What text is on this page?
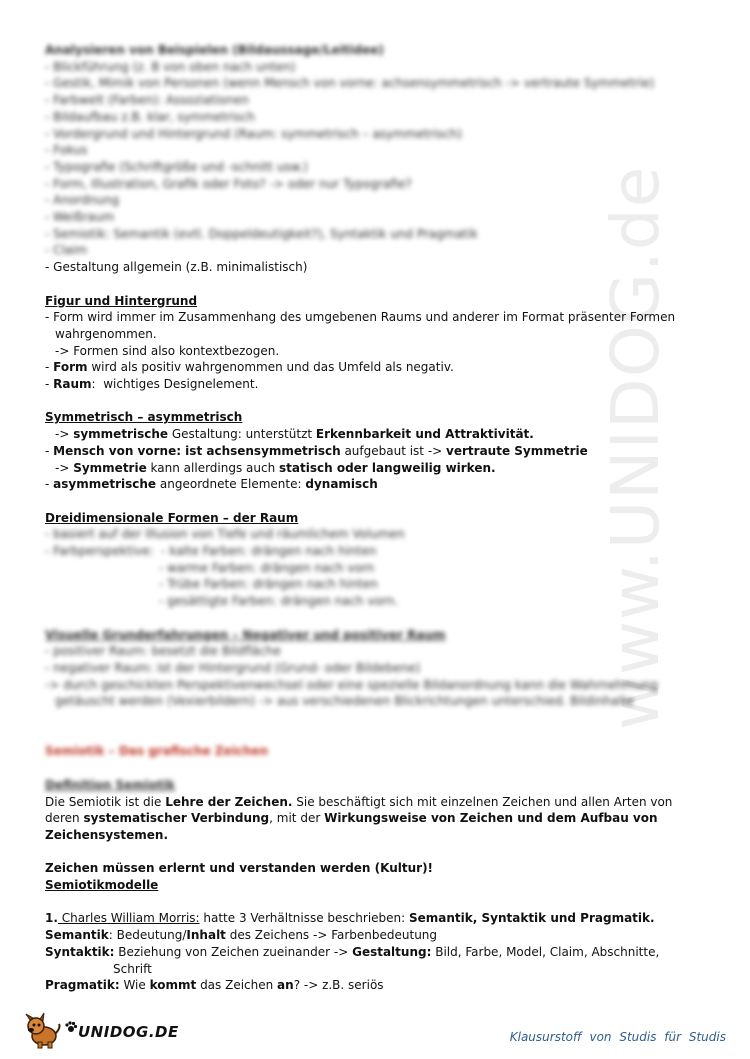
www.UNIDOG.de
Analysieren von Beispielen (Bildaussage/Leitidee)
- Blickführung (z. B von oben nach unten)
- Gestik, Mimik von Personen (wenn Mensch von vorne: achsensymmetrisch -> vertraute Symmetrie)
- Farbwelt (Farben): Assoziationen
- Bildaufbau z.B. klar, symmetrisch
- Vordergrund und Hintergrund (Raum: symmetrisch – asymmetrisch)
- Fokus
- Typografie (Schriftgröße und -schnitt usw.)
- Form, Illustration, Grafik oder Foto? -> oder nur Typografie?
- Anordnung
- Weißraum
- Semiotik: Semantik (evtl. Doppeldeutigkeit?), Syntaktik und Pragmatik
- Claim
- Gestaltung allgemein (z.B. minimalistisch)
Figur und Hintergrund
- Form wird immer im Zusammenhang des umgebenen Raums und anderer im Format präsenter Formen
wahrgenommen.
-> Formen sind also kontextbezogen.
- Form wird als positiv wahrgenommen und das Umfeld als negativ.
- Raum:  wichtiges Designelement.
Symmetrisch – asymmetrisch
-> symmetrische Gestaltung: unterstützt Erkennbarkeit und Attraktivität.
- Mensch von vorne: ist achsensymmetrisch aufgebaut ist -> vertraute Symmetrie
-> Symmetrie kann allerdings auch statisch oder langweilig wirken.
- asymmetrische angeordnete Elemente: dynamisch
Dreidimensionale Formen – der Raum
- basiert auf der Illusion von Tiefe und räumlichem Volumen
- Farbperspektive:  - kalte Farben: drängen nach hinten
- warme Farben: drängen nach vorn
- Trübe Farben: drängen nach hinten
- gesättigte Farben: drängen nach vorn.
Visuelle Grunderfahrungen – Negativer und positiver Raum
- positiver Raum: besetzt die Bildfläche
- negativer Raum: ist der Hintergrund (Grund- oder Bildebene)
-> durch geschickten Perspektivenwechsel oder eine spezielle Bildanordnung kann die Wahrnehmung
getäuscht werden (Vexierbildern) -> aus verschiedenen Blickrichtungen unterschied. Bildinhalte
Semiotik – Das grafische Zeichen
Definition Semiotik
Die Semiotik ist die Lehre der Zeichen. Sie beschäftigt sich mit einzelnen Zeichen und allen Arten von deren systematischer Verbindung, mit der Wirkungsweise von Zeichen und dem Aufbau von Zeichensystemen.
Zeichen müssen erlernt und verstanden werden (Kultur)!
Semiotikmodelle
1. Charles William Morris: hatte 3 Verhältnisse beschrieben: Semantik, Syntaktik und Pragmatik.
Semantik: Bedeutung/Inhalt des Zeichens -> Farbenbedeutung
Syntaktik: Beziehung von Zeichen zueinander -> Gestaltung: Bild, Farbe, Model, Claim, Abschnitte,
Schrift
Pragmatik: Wie kommt das Zeichen an? -> z.B. seriös
UNIDOG.DE	Klausurstoff von Studis für Studis
